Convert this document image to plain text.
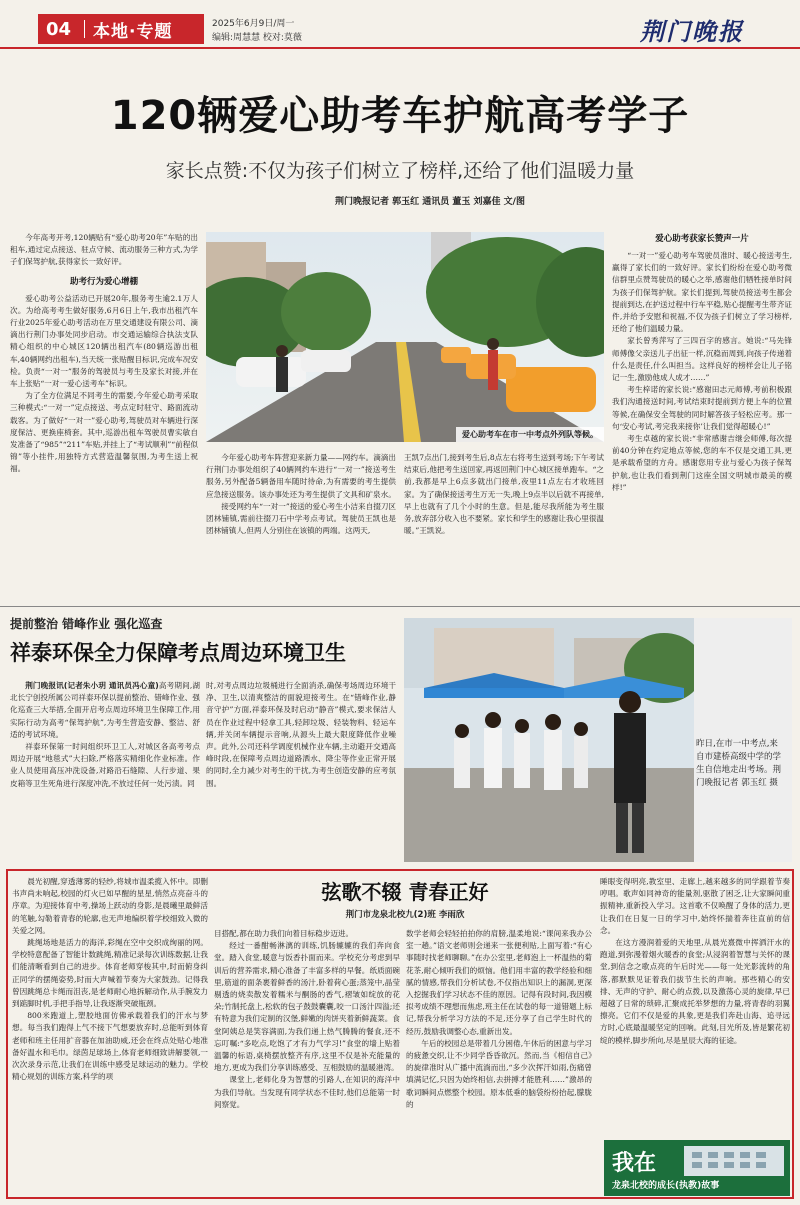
04	本地·专题	2025年6月9日/周一
编辑:周慧慧 校对:莫薇	荆门晚报
120辆爱心助考车护航高考学子
家长点赞:不仅为孩子们树立了榜样,还给了他们温暖力量
荆门晚报记者 郭玉红 通讯员 董玉 刘嘉佳 文/图

今年高考开考,120辆贴有“爱心助考20年”车贴的出租车,通过定点接送、驻点守候、流动服务三种方式,为学子们保驾护航,获得家长一致好评。

助考行为爱心增棚

爱心助考公益活动已开展20年,服务考生逾2.1万人次。为给高考考生做好服务,6月6日上午,我市出租汽车行业2025年爱心助考活动在万里交通建设有限公司、滴滴出行荆门办事处同步启动。市交通运输综合执法支队精心组织的中心城区120辆出租汽车(80辆巡游出租车,40辆网约出租车),当天统一张贴醒目标识,完成车况安检。负责“一对一”服务的驾驶员与考生及家长对接,并在车上张贴“一对一爱心送考车”标识。

为了全方位满足不同考生的需要,今年爱心助考采取三种模式:“一对一”定点接送、考点定时驻守、路面流动载客。为了做好“一对一”爱心助考,驾驶员对车辆进行深度保洁、更换座椅套。其中,巡游出租车驾驶员曹实敏自发准备了“985”“211”车贴,并挂上了“考试顺利”“前程似锦”等小挂件,用独特方式营造温馨氛围,为考生送上祝福。

爱心助考车在市一中考点外列队等候。

今年爱心助考车阵营迎来新力量——网约车。滴滴出行荆门办事处组织了40辆网约车进行“一对一”接送考生服务,另外配备5辆备用车随时待命,为有需要的考生提供应急接送服务。该办事处还为考生提供了文具和矿泉水。

接受网约车“一对一”接送的爱心考生小洁来自掇刀区团林铺镇,需前往掇刀石中学考点考试。驾驶员王凯也是团林铺镇人,但两人分别住在该镇的两端。这两天,

王凯7点出门,接到考生后,8点左右将考生送到考场;下午考试结束后,他把考生送回家,再返回荆门中心城区接单跑车。“之前,我都是早上6点多就出门接单,夜里11点左右才收班回家。为了确保接送考生万无一失,晚上9点半以后就不再接单,早上也就有了几个小时的生意。但是,能尽我所能为考生服务,放弃部分收入也不要紧。家长和学生的感谢让我心里很温暖。”王凯说。

爱心助考获家长赞声一片

“一对一”爱心助考车驾驶员准时、暖心接送考生,赢得了家长们的一致好评。家长们纷纷在爱心助考微信群里点赞驾驶员的暖心之举,感谢他们牺牲接单时间为孩子们保驾护航。家长们提到,驾驶员接送考生都会提前到达,在护送过程中行车平稳,贴心提醒考生带齐证件,并给予安慰和祝福,不仅为孩子们树立了学习榜样,还给了他们温暖力量。

家长曾秀萍写了三四百字的感言。她说:“马先锋师傅像父亲送儿子出征一样,沉稳而周到,向孩子传递着什么是责任,什么叫担当。这样良好的榜样会让儿子铭记一生,激励他成人成才……”

考生梓诺的家长说:“感谢田志元师傅,考前积极跟我们沟通接送时间,考试结束时提前到方便上车的位置等候,在确保安全驾驶的同时解答孩子轻松应考。那一句‘安心考试,考完我来接你’让我们觉得超暖心!”

考生卓越的家长说:“非常感谢吉继会师傅,每次提前40分钟在约定地点等候,您的车不仅是交通工具,更是承载希望的方舟。感谢您用专业与爱心为孩子保驾护航,也让我们看到荆门这座全国文明城市最美的模样!”

提前整治 错峰作业 强化巡查
祥泰环保全力保障考点周边环境卫生

荆门晚报讯(记者朱小玥 通讯员冯心童)高考期间,湖北长宁创投所属公司祥泰环保以提前整治、错峰作业、强化巡查三大举措,全面开启考点周边环境卫生保障工作,用实际行动为高考“保驾护航”,为考生营造安静、整洁、舒适的考试环境。

祥泰环保第一时间组织环卫工人,对城区各高考考点周边开展“地毯式”大扫除,严格落实精细化作业标准。作业人员使用高压冲洗设备,对路沿石缝隙、人行步道、果皮箱等卫生死角进行深度冲洗,不放过任何一处污渍。同

时,对考点周边垃圾桶进行全面消杀,确保考场周边环境干净、卫生,以清爽整洁的面貌迎接考生。在“错峰作业,静音守护”方面,祥泰环保及时启动“静音”模式,要求保洁人员在作业过程中轻拿工具,轻卸垃圾、轻装物料、轻运车辆,并关闭车辆提示音响,从源头上最大限度降低作业噪声。此外,公司还科学调度机械作业车辆,主动避开交通高峰时段,在保障考点周边道路洒水、降尘等作业正常开展的同时,全力减少对考生的干扰,为考生创造安静的应考氛围。

昨日,在市一中考点,来自市建桥高级中学的学生自信地走出考场。荆门晚报记者 郭玉红 摄
弦歌不辍 青春正好
荆门市龙泉北校九(2)班 李雨欣

晨光初醒,穿透薄雾的轻纱,将城市温柔揽入怀中。即删书声尚未响起,校园的灯火已如早醒的星星,悄然点亮奋斗的序章。为迎接体育中考,操场上跃动的身影,是晨曦里最鲜活的笔触,勾勒着青春的轮廓,也无声地编织着学校细致入微的关爱之网。

跳绳场地是活力的海洋,彩绳在空中交织成绚丽的网。学校特意配备了智能计数跳绳,精准记录每次训练数据,让我们能清晰看到自己的进步。体育老师穿梭其中,时而俯身纠正同学的摆绳姿势,时而大声喊着节奏为大家鼓劲。记得我曾因跳绳总卡绳而沮丧,是老师耐心地拆解动作,从手腕发力到踮脚时机,手把手指导,让我逐渐突破瓶颈。

800米跑道上,塑胶地面仿佛承载着我们的汗水与梦想。每当我们跑得上气不接下气想要放弃时,总能听到体育老师和班主任用扩音器在加油助威,还会在终点处贴心地准备好温水和毛巾。绿茵足球场上,体育老师细致讲解要领,一次次录身示范,让我们在训练中感受足球运动的魅力。学校精心规划的训练方案,科学的项

目搭配,都在助力我们向着目标稳步迈进。

经过一番酣畅淋漓的训练,饥肠辘辘的我们奔向食堂。踏入食堂,暖意与饭香扑面而来。学校充分考虑到早训后的营养需求,精心准备了丰富多样的早餐。纸质面碗里,筋道的面条裹着鲜香的汤汁,卧着荷心蛋;蒸笼中,晶莹剔透的烧卖散发着糯米与酮肠的香气,褶皱如绽放的花朵;竹制托盘上,松软的包子鼓鼓囊囊,咬一口汤汁四溢;还有特意为我们定制的汉堡,鲜嫩的肉饼夹着新鲜蔬菜。食堂阿姨总是笑容满面,为我们递上热气腾腾的餐食,还不忘叮嘱:“多吃点,吃饱了才有力气学习!”食堂的墙上贴着温馨的标语,桌椅摆放整齐有序,这里不仅是补充能量的地方,更成为我们分享训练感受、互相鼓励的温暖港湾。

课堂上,老师化身为智慧的引路人,在知识的海洋中为我们导航。当发现有同学状态不佳时,他们总能第一时间察觉。

数学老师会轻轻拍拍你的肩膀,温柔地说:“课间来我办公室一趟。”语文老师则会递来一张便利贴,上面写着:“有心事随时找老师聊聊。”在办公室里,老师泡上一杯温热的菊花茶,耐心倾听我们的烦恼。他们用丰富的教学经验和细腻的情感,帮我们分析试卷,不仅指出知识上的漏洞,更深入挖掘我们学习状态不佳的原因。记得有段时间,我因模拟考成绩不理想而焦虑,班主任在试卷的每一道错题上标记,帮我分析学习方法的不足,还分享了自己学生时代的经历,鼓励我调整心态,重新出发。

午后的校园总是带着几分困倦,午休后的困意与学习的疲惫交织,让不少同学昏昏欲沉。然而,当《相信自己》的旋律准时从广播中流淌而出,“多少次挥汗如雨,伤痛曾填满记忆,只因为始终相信,去拼搏才能胜利……”激昂的歌词瞬间点燃整个校园。原本低垂的脑袋纷纷抬起,朦胧的

睡眼变得明亮,教室里、走廊上,越来越多的同学跟着节奏哼唱。歌声如同神奇的能量剂,驱散了困乏,让大家瞬间重振精神,重新投入学习。这首歌不仅唤醒了身体的活力,更让我们在日复一日的学习中,始终怀揣着奔往直前的信念。

在这方漫润着爱的天地里,从晨光熹微中挥洒汗水的跑道,到弥漫着烟火暖香的食堂;从浸润着智慧与关怀的课堂,到信念之歌点亮的午后时光——每一处光影流转的角落,都默默见证着我们拔节生长的声响。那些精心的安排、无声的守护、耐心的点拨,以及激荡心灵的旋律,早已超越了日常的琐碎,汇聚成托举梦想的力量,将青春的羽翼擦亮。它们不仅是爱的具象,更是我们奔赴山海、追寻远方时,心底最温暖坚定的回响。此刻,目光所及,皆是繁花初绽的模样,脚步所向,尽是星辰大海的征途。

我在
龙泉北校的成长(执教)故事
